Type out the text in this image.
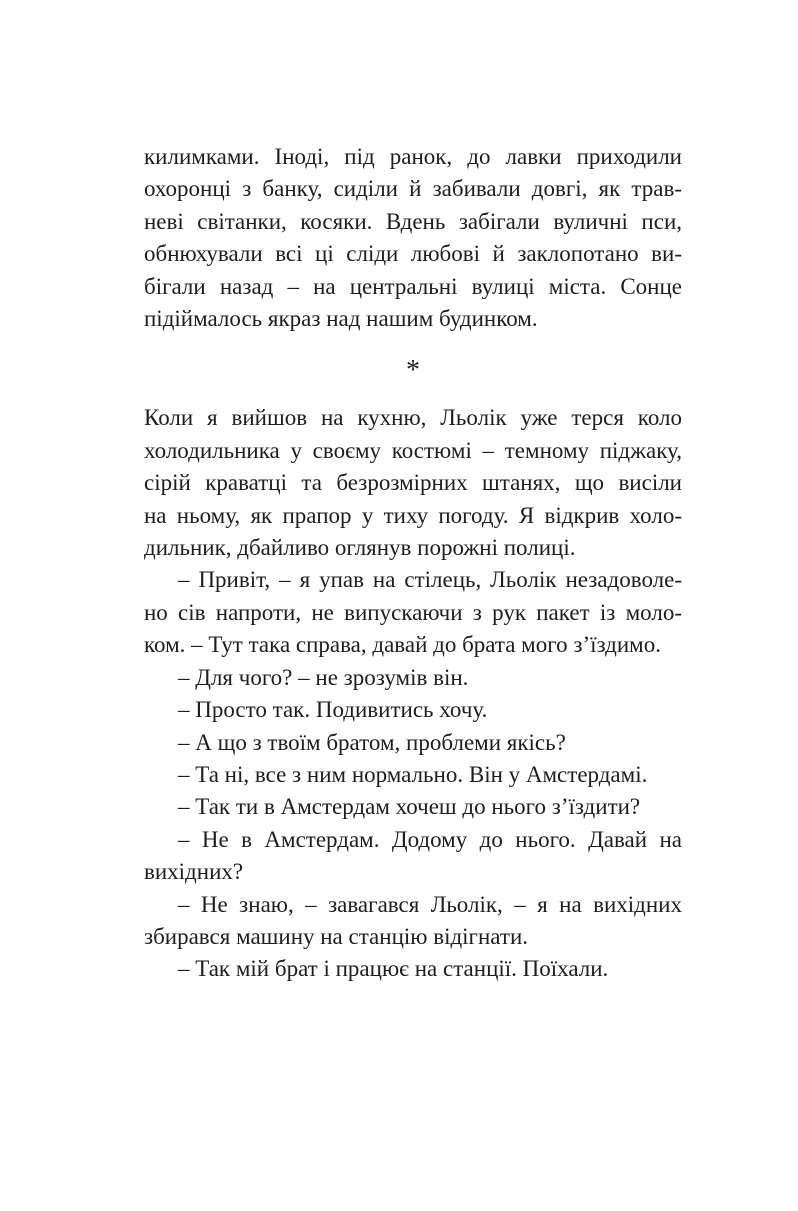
килимками. Іноді, під ранок, до лавки приходили
охоронці з банку, сиділи й забивали довгі, як трав-
неві світанки, косяки. Вдень забігали вуличні пси,
обнюхували всі ці сліди любові й заклопотано ви-
бігали назад – на центральні вулиці міста. Сонце
підіймалось якраз над нашим будинком.
*
Коли я вийшов на кухню, Льолік уже терся коло
холодильника у своєму костюмі – темному піджаку,
сірій краватці та безрозмірних штанях, що висіли
на ньому, як прапор у тиху погоду. Я відкрив холо-
дильник, дбайливо оглянув порожні полиці.
– Привіт, – я упав на стілець, Льолік незадоволе-
но сів напроти, не випускаючи з рук пакет із моло-
ком. – Тут така справа, давай до брата мого з’їздимо.
– Для чого? – не зрозумів він.
– Просто так. Подивитись хочу.
– А що з твоїм братом, проблеми якісь?
– Та ні, все з ним нормально. Він у Амстердамі.
– Так ти в Амстердам хочеш до нього з’їздити?
– Не в Амстердам. Додому до нього. Давай на
вихідних?
– Не знаю, – завагався Льолік, – я на вихідних
збирався машину на станцію відігнати.
– Так мій брат і працює на станції. Поїхали.
